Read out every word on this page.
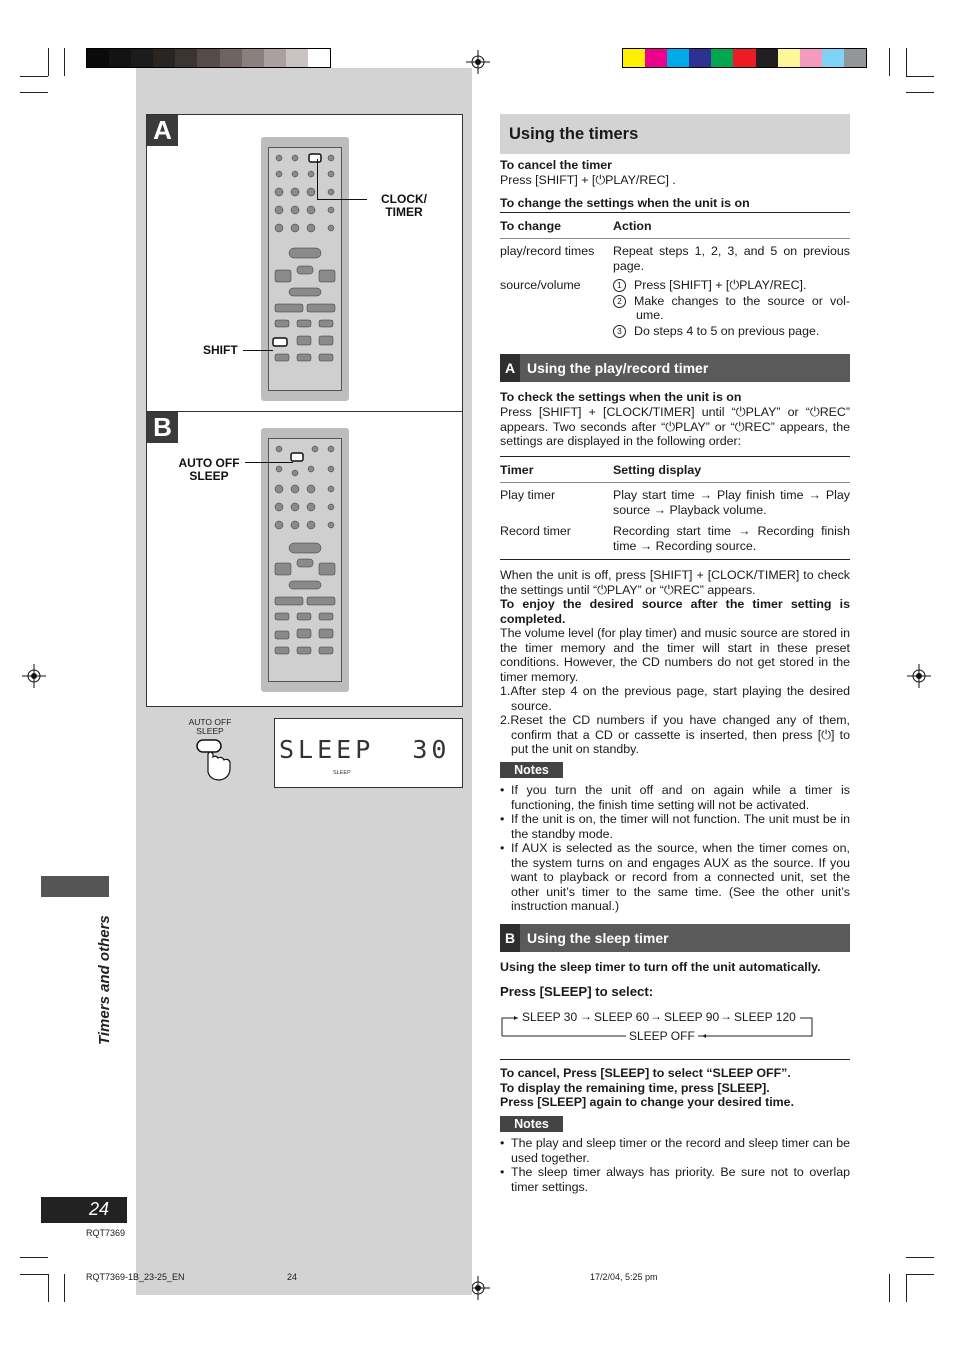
A
CLOCK/
TIMER
SHIFT
B
AUTO OFF
SLEEP
AUTO OFF
SLEEP
SLEEP  30
SLEEP
Timers and others
24
RQT7369
RQT7369-1B_23-25_EN	24	17/2/04, 5:25 pm
Using the timers
To cancel the timer
Press [SHIFT] + [⏻PLAY/REC] .
To change the settings when the unit is on
To change	Action
play/record times	Repeat steps 1, 2, 3, and 5 on previous page.
source/volume	1 Press [SHIFT] + [⏻PLAY/REC].
2 Make changes to the source or vol- ume.
3 Do steps 4 to 5 on previous page.
A Using the play/record timer
To check the settings when the unit is on
Press [SHIFT] + [CLOCK/TIMER] until “⏻PLAY” or “⏻REC” appears. Two seconds after “⏻PLAY” or “⏻REC” appears, the settings are displayed in the following order:
Timer	Setting display
Play timer	Play start time → Play finish time → Play source → Playback volume.
Record timer	Recording start time → Recording finish time → Recording source.
When the unit is off, press [SHIFT] + [CLOCK/TIMER] to check the settings until “⏻PLAY” or “⏻REC” appears.
To enjoy the desired source after the timer setting is completed.
The volume level (for play timer) and music source are stored in the timer memory and the timer will start in these preset conditions. However, the CD numbers do not get stored in the timer memory.
1.After step 4 on the previous page, start playing the desired source.
2.Reset the CD numbers if you have changed any of them, confirm that a CD or cassette is inserted, then press [⏻] to put the unit on standby.
Notes
• If you turn the unit off and on again while a timer is functioning, the finish time setting will not be activated.
• If the unit is on, the timer will not function. The unit must be in the standby mode.
• If AUX is selected as the source, when the timer comes on, the system turns on and engages AUX as the source. If you want to playback or record from a connected unit, set the other unit’s timer to the same time. (See the other unit’s instruction manual.)
B Using the sleep timer
Using the sleep timer to turn off the unit automatically.
Press [SLEEP] to select:
SLEEP 30 → SLEEP 60 → SLEEP 90 → SLEEP 120
SLEEP OFF
To cancel, Press [SLEEP] to select “SLEEP OFF”.
To display the remaining time, press [SLEEP].
Press [SLEEP] again to change your desired time.
Notes
• The play and sleep timer or the record and sleep timer can be used together.
• The sleep timer always has priority. Be sure not to overlap timer settings.
